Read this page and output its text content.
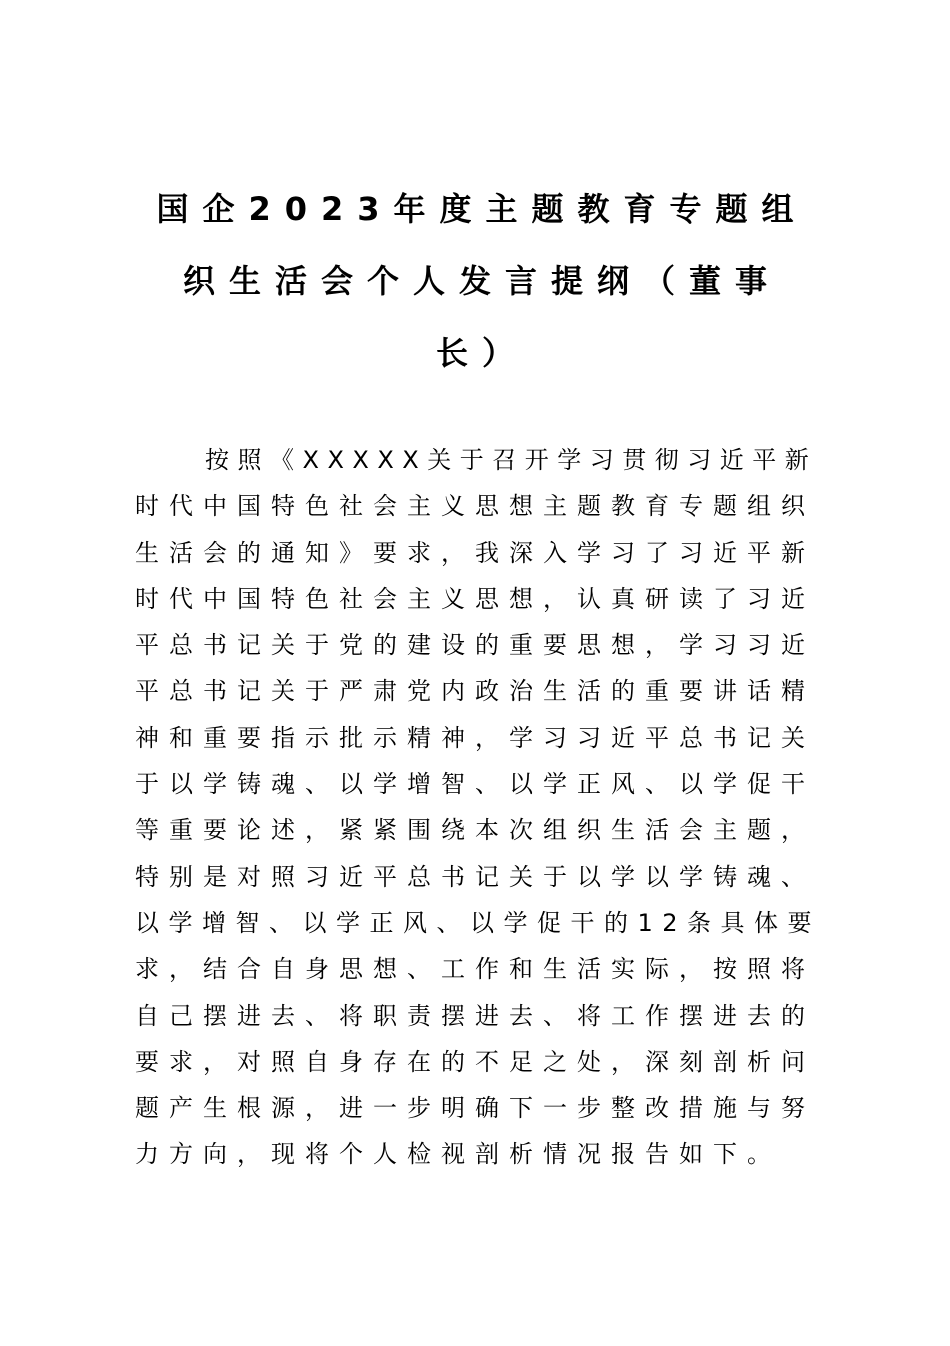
国企2023年度主题教育专题组
织生活会个人发言提纲（董事
长）
按照《XXXXX关于召开学习贯彻习近平新
时代中国特色社会主义思想主题教育专题组织
生活会的通知》要求，我深入学习了习近平新
时代中国特色社会主义思想，认真研读了习近
平总书记关于党的建设的重要思想，学习习近
平总书记关于严肃党内政治生活的重要讲话精
神和重要指示批示精神，学习习近平总书记关
于以学铸魂、以学增智、以学正风、以学促干
等重要论述，紧紧围绕本次组织生活会主题，
特别是对照习近平总书记关于以学以学铸魂、
以学增智、以学正风、以学促干的12条具体要
求，结合自身思想、工作和生活实际，按照将
自己摆进去、将职责摆进去、将工作摆进去的
要求，对照自身存在的不足之处，深刻剖析问
题产生根源，进一步明确下一步整改措施与努
力方向，现将个人检视剖析情况报告如下。
